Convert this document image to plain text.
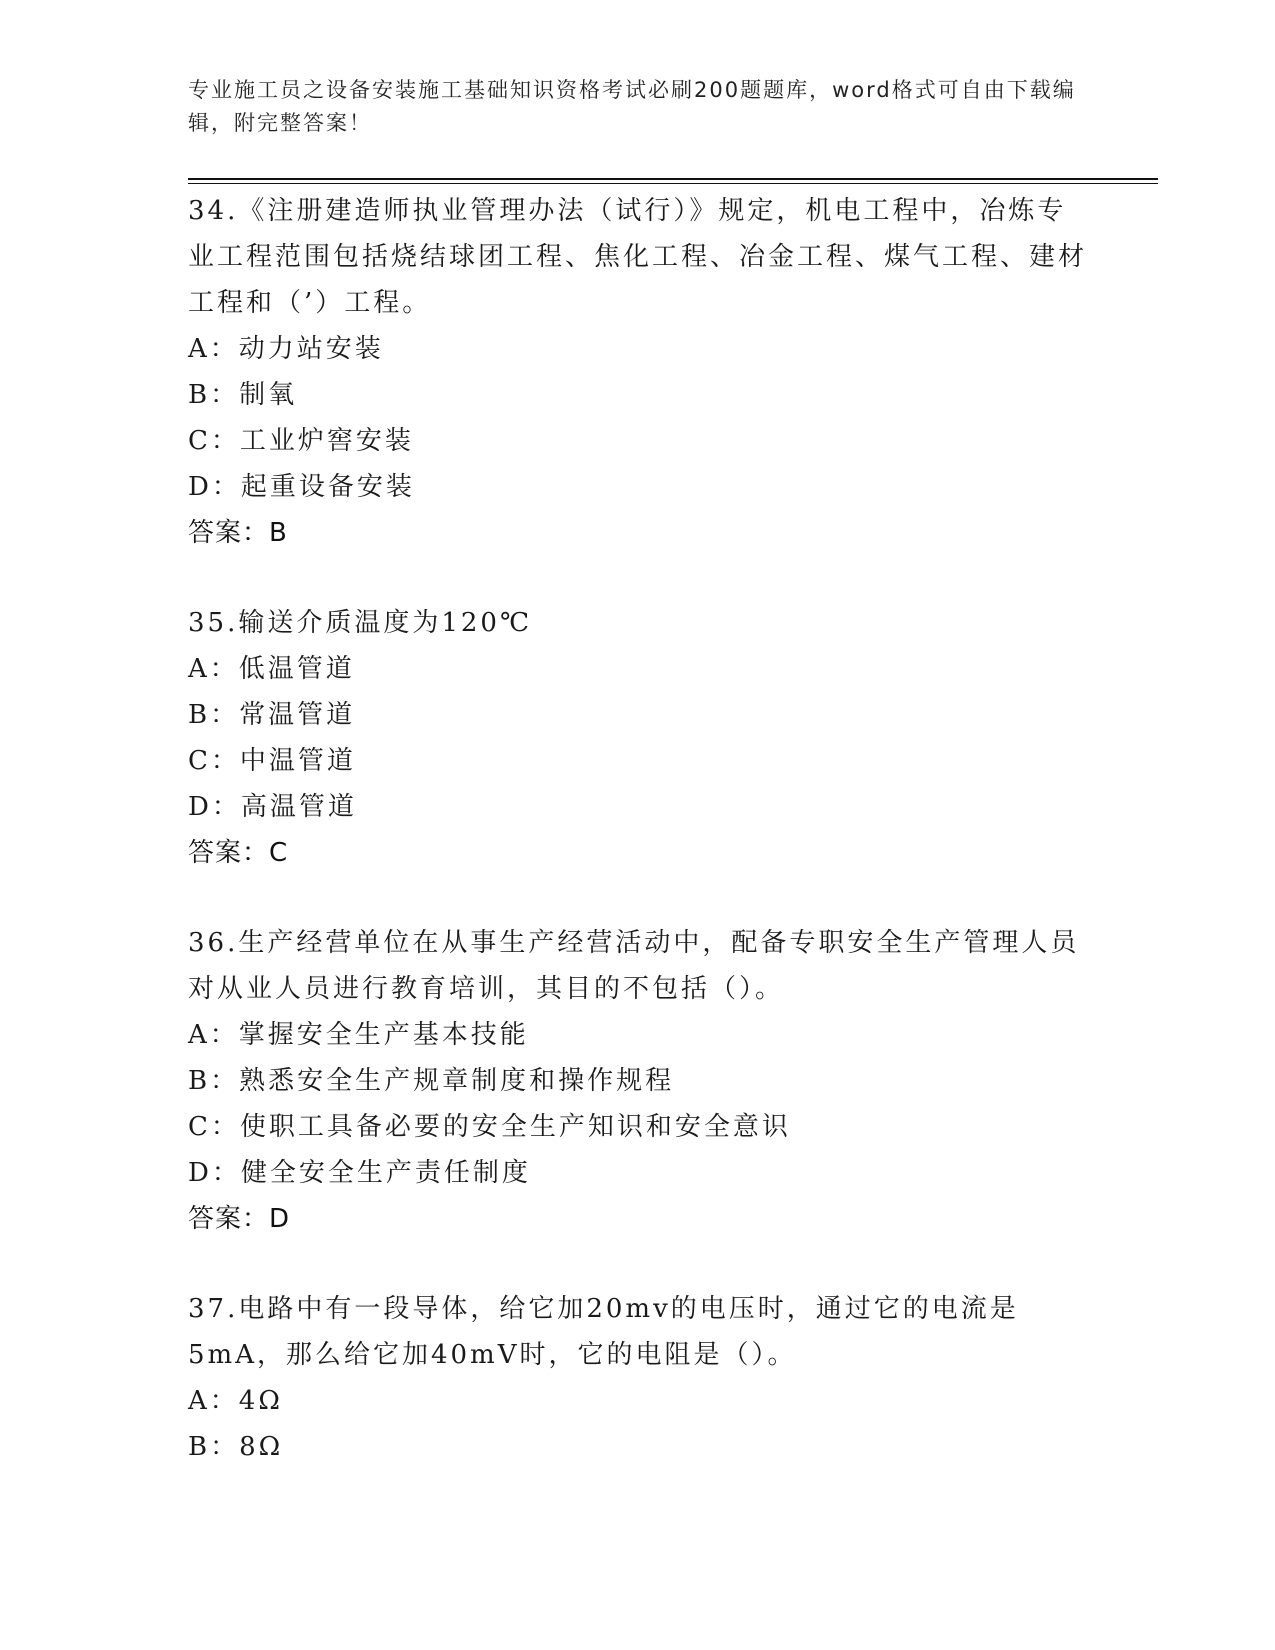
专业施工员之设备安装施工基础知识资格考试必刷200题题库，word格式可自由下载编辑，附完整答案！

34.《注册建造师执业管理办法（试行）》规定，机电工程中，冶炼专业工程范围包括烧结球团工程、焦化工程、冶金工程、煤气工程、建材工程和（’）工程。

A：动力站安装

B：制氧

C：工业炉窖安装

D：起重设备安装

答案：B

35.输送介质温度为120℃

A：低温管道

B：常温管道

C：中温管道

D：高温管道

答案：C

36.生产经营单位在从事生产经营活动中，配备专职安全生产管理人员对从业人员进行教育培训，其目的不包括（）。

A：掌握安全生产基本技能

B：熟悉安全生产规章制度和操作规程

C：使职工具备必要的安全生产知识和安全意识

D：健全安全生产责任制度

答案：D

37.电路中有一段导体，给它加20mv的电压时，通过它的电流是5mA，那么给它加40mV时，它的电阻是（）。

A：4Ω

B：8Ω
